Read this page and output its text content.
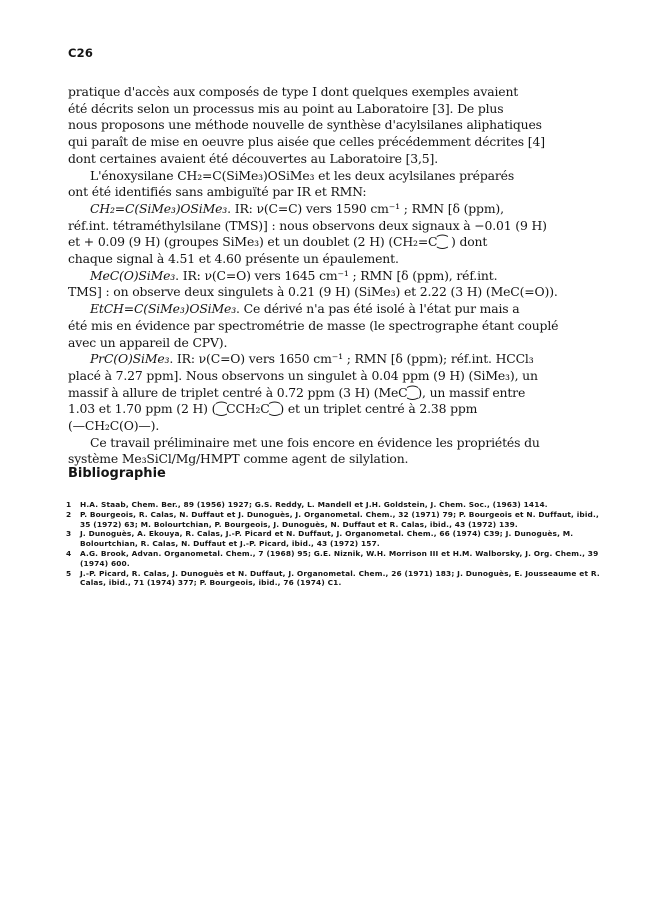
C26

pratique d'accès aux composés de type I dont quelques exemples avaient
été décrits selon un processus mis au point au Laboratoire [3]. De plus
nous proposons une méthode nouvelle de synthèse d'acylsilanes aliphatiques
qui paraît de mise en oeuvre plus aisée que celles précédemment décrites [4]
dont certaines avaient été découvertes au Laboratoire [3,5].

L'énoxysilane CH₂=C(SiMe₃)OSiMe₃ et les deux acylsilanes préparés
ont été identifiés sans ambiguïté par IR et RMN:

CH₂=C(SiMe₃)OSiMe₃. IR: ν(C=C) vers 1590 cm⁻¹ ; RMN [δ (ppm),
réf.int. tétraméthylsilane (TMS)] : nous observons deux signaux à −0.01 (9 H)
et + 0.09 (9 H) (groupes SiMe₃) et un doublet (2 H) (CH₂=C⁐ ) dont
chaque signal à 4.51 et 4.60 présente un épaulement.

MeC(O)SiMe₃. IR: ν(C=O) vers 1645 cm⁻¹ ; RMN [δ (ppm), réf.int.
TMS] : on observe deux singulets à 0.21 (9 H) (SiMe₃) et 2.22 (3 H) (MeC(=O)).

EtCH=C(SiMe₃)OSiMe₃. Ce dérivé n'a pas été isolé à l'état pur mais a
été mis en évidence par spectrométrie de masse (le spectrographe étant couplé
avec un appareil de CPV).

PrC(O)SiMe₃. IR: ν(C=O) vers 1650 cm⁻¹ ; RMN [δ (ppm); réf.int. HCCl₃
placé à 7.27 ppm]. Nous observons un singulet à 0.04 ppm (9 H) (SiMe₃), un
massif à allure de triplet centré à 0.72 ppm (3 H) (MeC⁐), un massif entre
1.03 et 1.70 ppm (2 H) (⁐CCH₂C⁐) et un triplet centré à 2.38 ppm
(—CH₂C(O)—).

Ce travail préliminaire met une fois encore en évidence les propriétés du
système Me₃SiCl/Mg/HMPT comme agent de silylation.

Bibliographie
1 H.A. Staab, Chem. Ber., 89 (1956) 1927; G.S. Reddy, L. Mandell et J.H. Goldstein, J. Chem. Soc., (1963) 1414.
2 P. Bourgeois, R. Calas, N. Duffaut et J. Dunoguès, J. Organometal. Chem., 32 (1971) 79; P. Bourgeois et N. Duffaut, ibid., 35 (1972) 63; M. Bolourtchian, P. Bourgeois, J. Dunoguès, N. Duffaut et R. Calas, ibid., 43 (1972) 139.
3 J. Dunoguès, A. Ekouya, R. Calas, J.-P. Picard et N. Duffaut, J. Organometal. Chem., 66 (1974) C39; J. Dunoguès, M. Bolourtchian, R. Calas, N. Duffaut et J.-P. Picard, ibid., 43 (1972) 157.
4 A.G. Brook, Advan. Organometal. Chem., 7 (1968) 95; G.E. Niznik, W.H. Morrison III et H.M. Walborsky, J. Org. Chem., 39 (1974) 600.
5 J.-P. Picard, R. Calas, J. Dunoguès et N. Duffaut, J. Organometal. Chem., 26 (1971) 183; J. Dunoguès, E. Jousseaume et R. Calas, ibid., 71 (1974) 377; P. Bourgeois, ibid., 76 (1974) C1.
